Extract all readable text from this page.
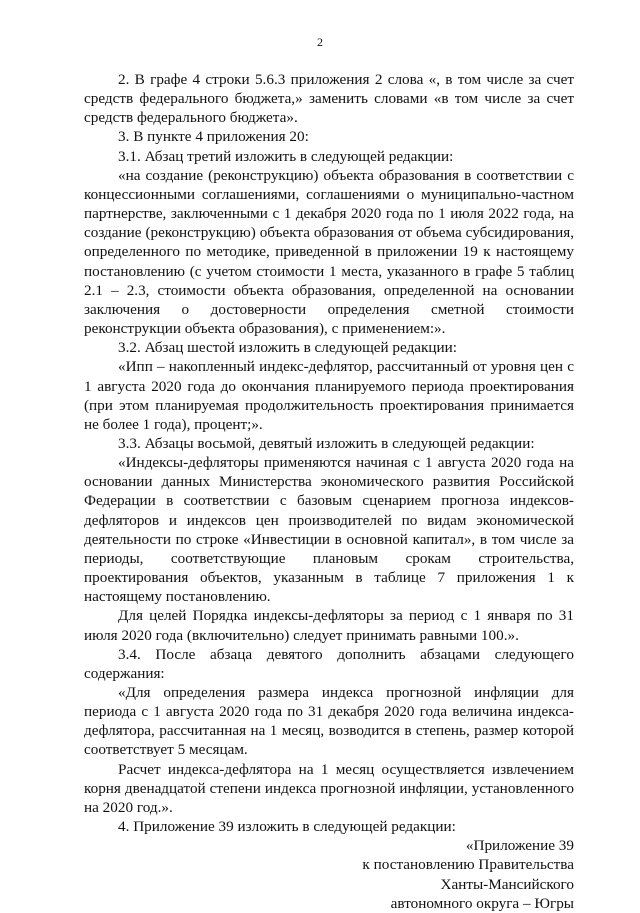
2

2. В графе 4 строки 5.6.3 приложения 2 слова «, в том числе за счет средств федерального бюджета,» заменить словами «в том числе за счет средств федерального бюджета».

3. В пункте 4 приложения 20:

3.1. Абзац третий изложить в следующей редакции:

«на создание (реконструкцию) объекта образования в соответствии с концессионными соглашениями, соглашениями о муниципально-частном партнерстве, заключенными с 1 декабря 2020 года по 1 июля 2022 года, на создание (реконструкцию) объекта образования от объема субсидирования, определенного по методике, приведенной в приложении 19 к настоящему постановлению (с учетом стоимости 1 места, указанного в графе 5 таблиц 2.1 – 2.3, стоимости объекта образования, определенной на основании заключения о достоверности определения сметной стоимости реконструкции объекта образования), с применением:».

3.2. Абзац шестой изложить в следующей редакции:

«Ипп – накопленный индекс-дефлятор, рассчитанный от уровня цен с 1 августа 2020 года до окончания планируемого периода проектирования (при этом планируемая продолжительность проектирования принимается не более 1 года), процент;».

3.3. Абзацы восьмой, девятый изложить в следующей редакции:

«Индексы-дефляторы применяются начиная с 1 августа 2020 года на основании данных Министерства экономического развития Российской Федерации в соответствии с базовым сценарием прогноза индексов-дефляторов и индексов цен производителей по видам экономической деятельности по строке «Инвестиции в основной капитал», в том числе за периоды, соответствующие плановым срокам строительства, проектирования объектов, указанным в таблице 7 приложения 1 к настоящему постановлению.

Для целей Порядка индексы-дефляторы за период с 1 января по 31 июля 2020 года (включительно) следует принимать равными 100.».

3.4. После абзаца девятого дополнить абзацами следующего содержания:

«Для определения размера индекса прогнозной инфляции для периода с 1 августа 2020 года по 31 декабря 2020 года величина индекса-дефлятора, рассчитанная на 1 месяц, возводится в степень, размер которой соответствует 5 месяцам.

Расчет индекса-дефлятора на 1 месяц осуществляется извлечением корня двенадцатой степени индекса прогнозной инфляции, установленного на 2020 год.».

4. Приложение 39 изложить в следующей редакции:

«Приложение 39
к постановлению Правительства
Ханты-Мансийского
автономного округа – Югры
